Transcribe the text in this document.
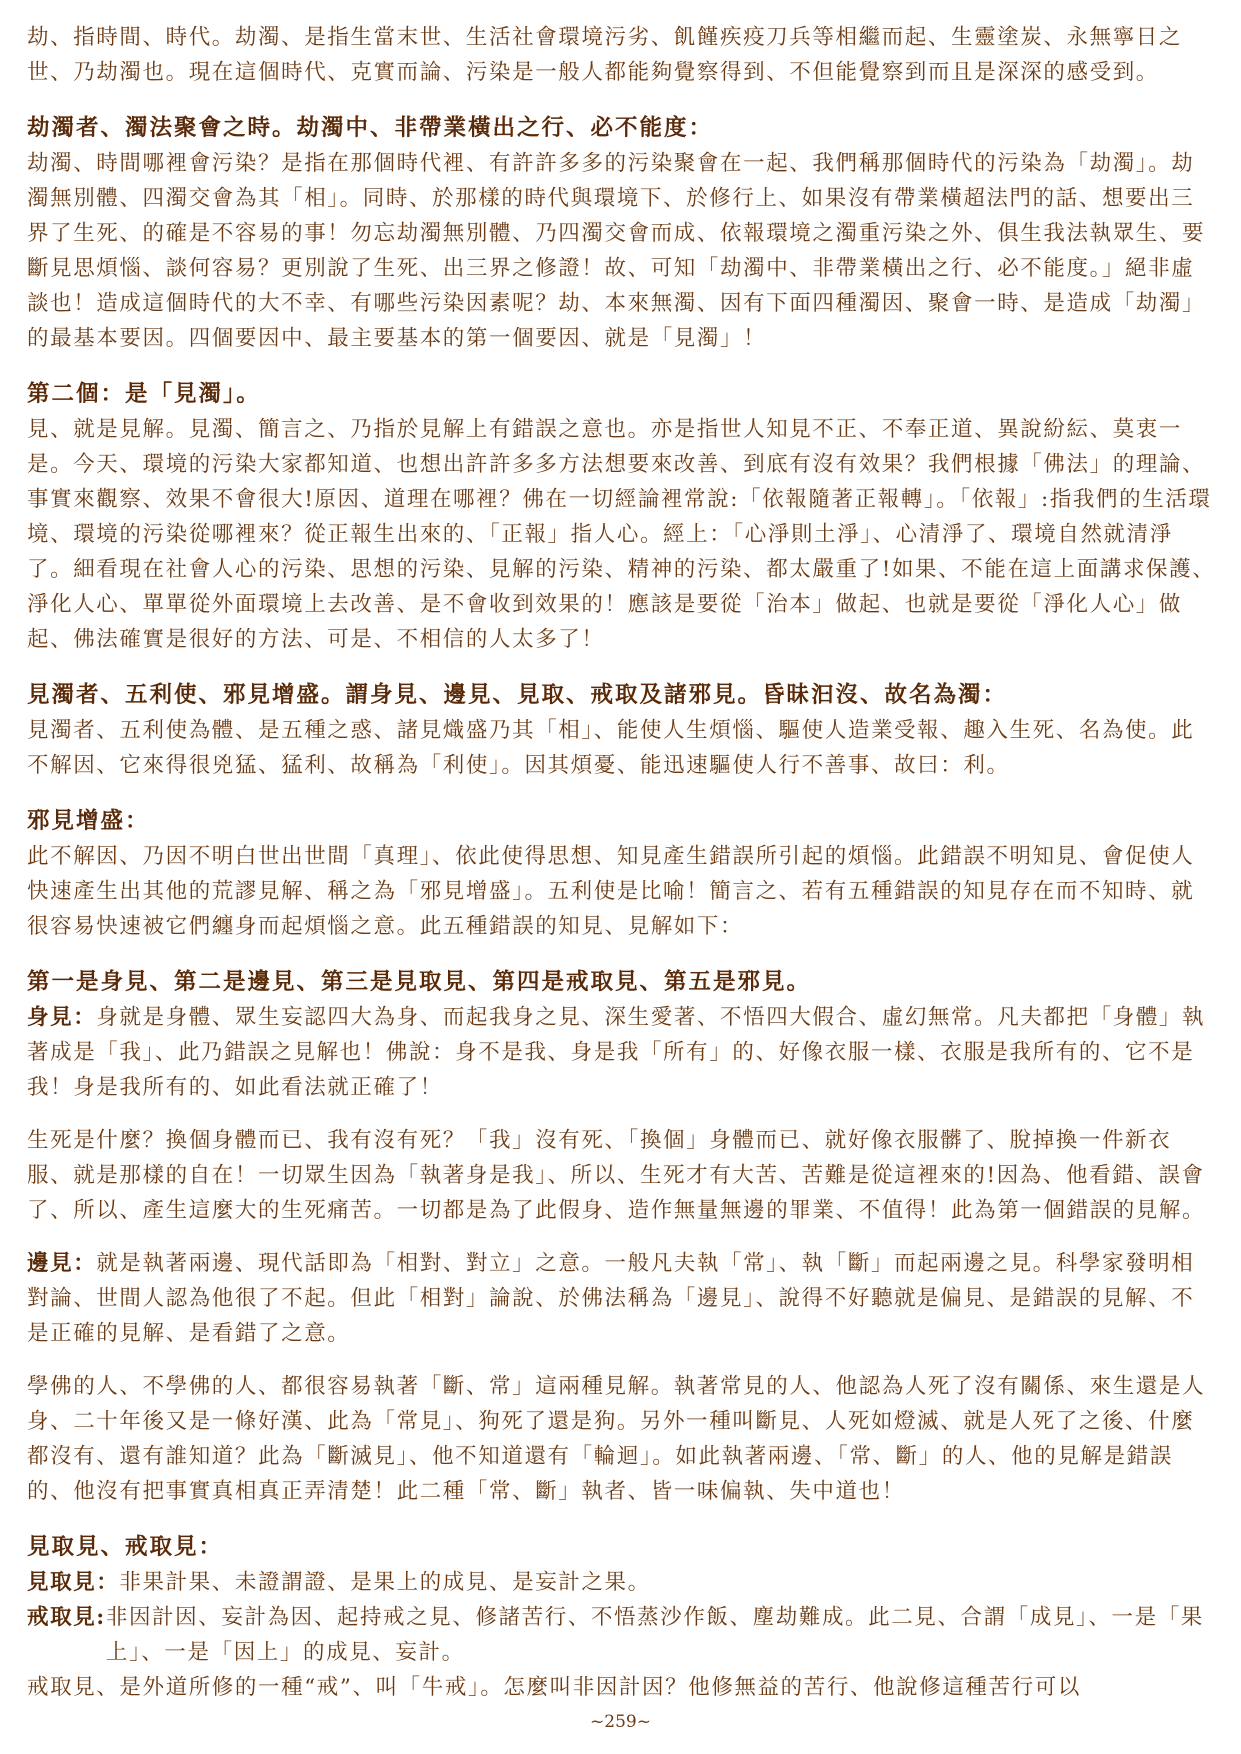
劫、指時間、時代。劫濁、是指生當末世、生活社會環境污劣、飢饉疾疫刀兵等相繼而起、生靈塗炭、永無寧日之世、乃劫濁也。現在這個時代、克實而論、污染是一般人都能夠覺察得到、不但能覺察到而且是深深的感受到。

劫濁者、濁法聚會之時。劫濁中、非帶業橫出之行、必不能度：

劫濁、時間哪裡會污染？是指在那個時代裡、有許許多多的污染聚會在一起、我們稱那個時代的污染為「劫濁」。劫濁無別體、四濁交會為其「相」。同時、於那樣的時代與環境下、於修行上、如果沒有帶業橫超法門的話、想要出三界了生死、的確是不容易的事！勿忘劫濁無別體、乃四濁交會而成、依報環境之濁重污染之外、俱生我法執眾生、要斷見思煩惱、談何容易？更別說了生死、出三界之修證！故、可知「劫濁中、非帶業橫出之行、必不能度。」絕非虛談也！造成這個時代的大不幸、有哪些污染因素呢？劫、本來無濁、因有下面四種濁因、聚會一時、是造成「劫濁」的最基本要因。四個要因中、最主要基本的第一個要因、就是「見濁」！

第二個：是「見濁」。

見、就是見解。見濁、簡言之、乃指於見解上有錯誤之意也。亦是指世人知見不正、不奉正道、異說紛紜、莫衷一是。今天、環境的污染大家都知道、也想出許許多多方法想要來改善、到底有沒有效果？我們根據「佛法」的理論、事實來觀察、效果不會很大!原因、道理在哪裡？佛在一切經論裡常說:「依報隨著正報轉」。「依報」:指我們的生活環境、環境的污染從哪裡來？從正報生出來的、「正報」指人心。經上：「心淨則土淨」、心清淨了、環境自然就清淨了。細看現在社會人心的污染、思想的污染、見解的污染、精神的污染、都太嚴重了!如果、不能在這上面講求保護、淨化人心、單單從外面環境上去改善、是不會收到效果的！應該是要從「治本」做起、也就是要從「淨化人心」做起、佛法確實是很好的方法、可是、不相信的人太多了！

見濁者、五利使、邪見增盛。謂身見、邊見、見取、戒取及諸邪見。昏昧汩沒、故名為濁：

見濁者、五利使為體、是五種之惑、諸見熾盛乃其「相」、能使人生煩惱、驅使人造業受報、趣入生死、名為使。此不解因、它來得很兇猛、猛利、故稱為「利使」。因其煩憂、能迅速驅使人行不善事、故曰：利。

邪見增盛：

此不解因、乃因不明白世出世間「真理」、依此使得思想、知見產生錯誤所引起的煩惱。此錯誤不明知見、會促使人快速產生出其他的荒謬見解、稱之為「邪見增盛」。五利使是比喻！簡言之、若有五種錯誤的知見存在而不知時、就很容易快速被它們纏身而起煩惱之意。此五種錯誤的知見、見解如下：

第一是身見、第二是邊見、第三是見取見、第四是戒取見、第五是邪見。

身見：身就是身體、眾生妄認四大為身、而起我身之見、深生愛著、不悟四大假合、虛幻無常。凡夫都把「身體」執著成是「我」、此乃錯誤之見解也！佛說：身不是我、身是我「所有」的、好像衣服一樣、衣服是我所有的、它不是我！身是我所有的、如此看法就正確了！

生死是什麼？換個身體而已、我有沒有死？「我」沒有死、「換個」身體而已、就好像衣服髒了、脫掉換一件新衣服、就是那樣的自在！一切眾生因為「執著身是我」、所以、生死才有大苦、苦難是從這裡來的!因為、他看錯、誤會了、所以、產生這麼大的生死痛苦。一切都是為了此假身、造作無量無邊的罪業、不值得！此為第一個錯誤的見解。

邊見：就是執著兩邊、現代話即為「相對、對立」之意。一般凡夫執「常」、執「斷」而起兩邊之見。科學家發明相對論、世間人認為他很了不起。但此「相對」論說、於佛法稱為「邊見」、說得不好聽就是偏見、是錯誤的見解、不是正確的見解、是看錯了之意。

學佛的人、不學佛的人、都很容易執著「斷、常」這兩種見解。執著常見的人、他認為人死了沒有關係、來生還是人身、二十年後又是一條好漢、此為「常見」、狗死了還是狗。另外一種叫斷見、人死如燈滅、就是人死了之後、什麼都沒有、還有誰知道？此為「斷滅見」、他不知道還有「輪迴」。如此執著兩邊、「常、斷」的人、他的見解是錯誤的、他沒有把事實真相真正弄清楚！此二種「常、斷」執者、皆一味偏執、失中道也！

見取見、戒取見：

見取見：非果計果、未證謂證、是果上的成見、是妄計之果。

戒取見: 非因計因、妄計為因、起持戒之見、修諸苦行、不悟蒸沙作飯、塵劫難成。此二見、合謂「成見」、一是「果上」、一是「因上」的成見、妄計。

戒取見、是外道所修的一種“戒”、叫「牛戒」。怎麼叫非因計因？他修無益的苦行、他說修這種苦行可以

~259~
